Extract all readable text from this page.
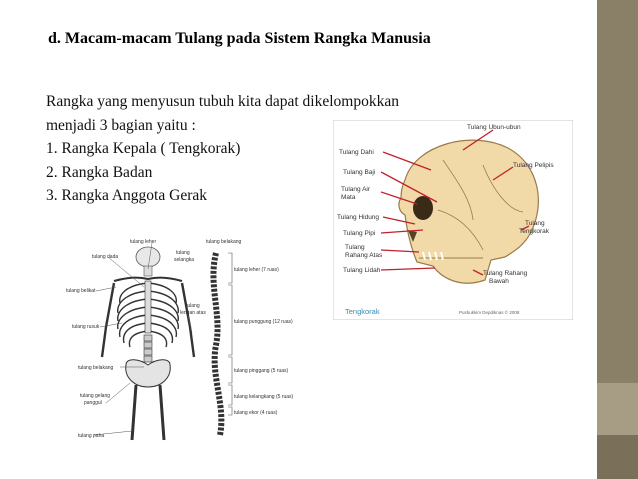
d. Macam-macam Tulang pada Sistem Rangka Manusia
Rangka yang menyusun tubuh kita dapat dikelompokkan
menjadi 3 bagian yaitu :
1. Rangka Kepala ( Tengkorak)
2. Rangka Badan
3. Rangka Anggota Gerak
Tulang Dahi
Tulang Baji
Tulang Air
Mata
Tulang Hidung
Tulang Pipi
Tulang
Rahang Atas
Tulang Lidah
Tulang Ubun-ubun
Tulang Pelipis
Tulang
Tengkorak
Tulang Rahang
Bawah
Tengkorak	Pusbukkim Depdiknas © 2008
tulang leher
tulang dada
tulang
selangka
tulang belikat
tulang rusuk
tulang
lengan atas
tulang belakang
tulang gelang
panggul
tulang paha
tulang belakang
tulang leher (7 ruas)
tulang punggung (12 ruas)
tulang pinggang (5 ruas)
tulang kelangkang (5 ruas)
tulang ekor (4 ruas)
